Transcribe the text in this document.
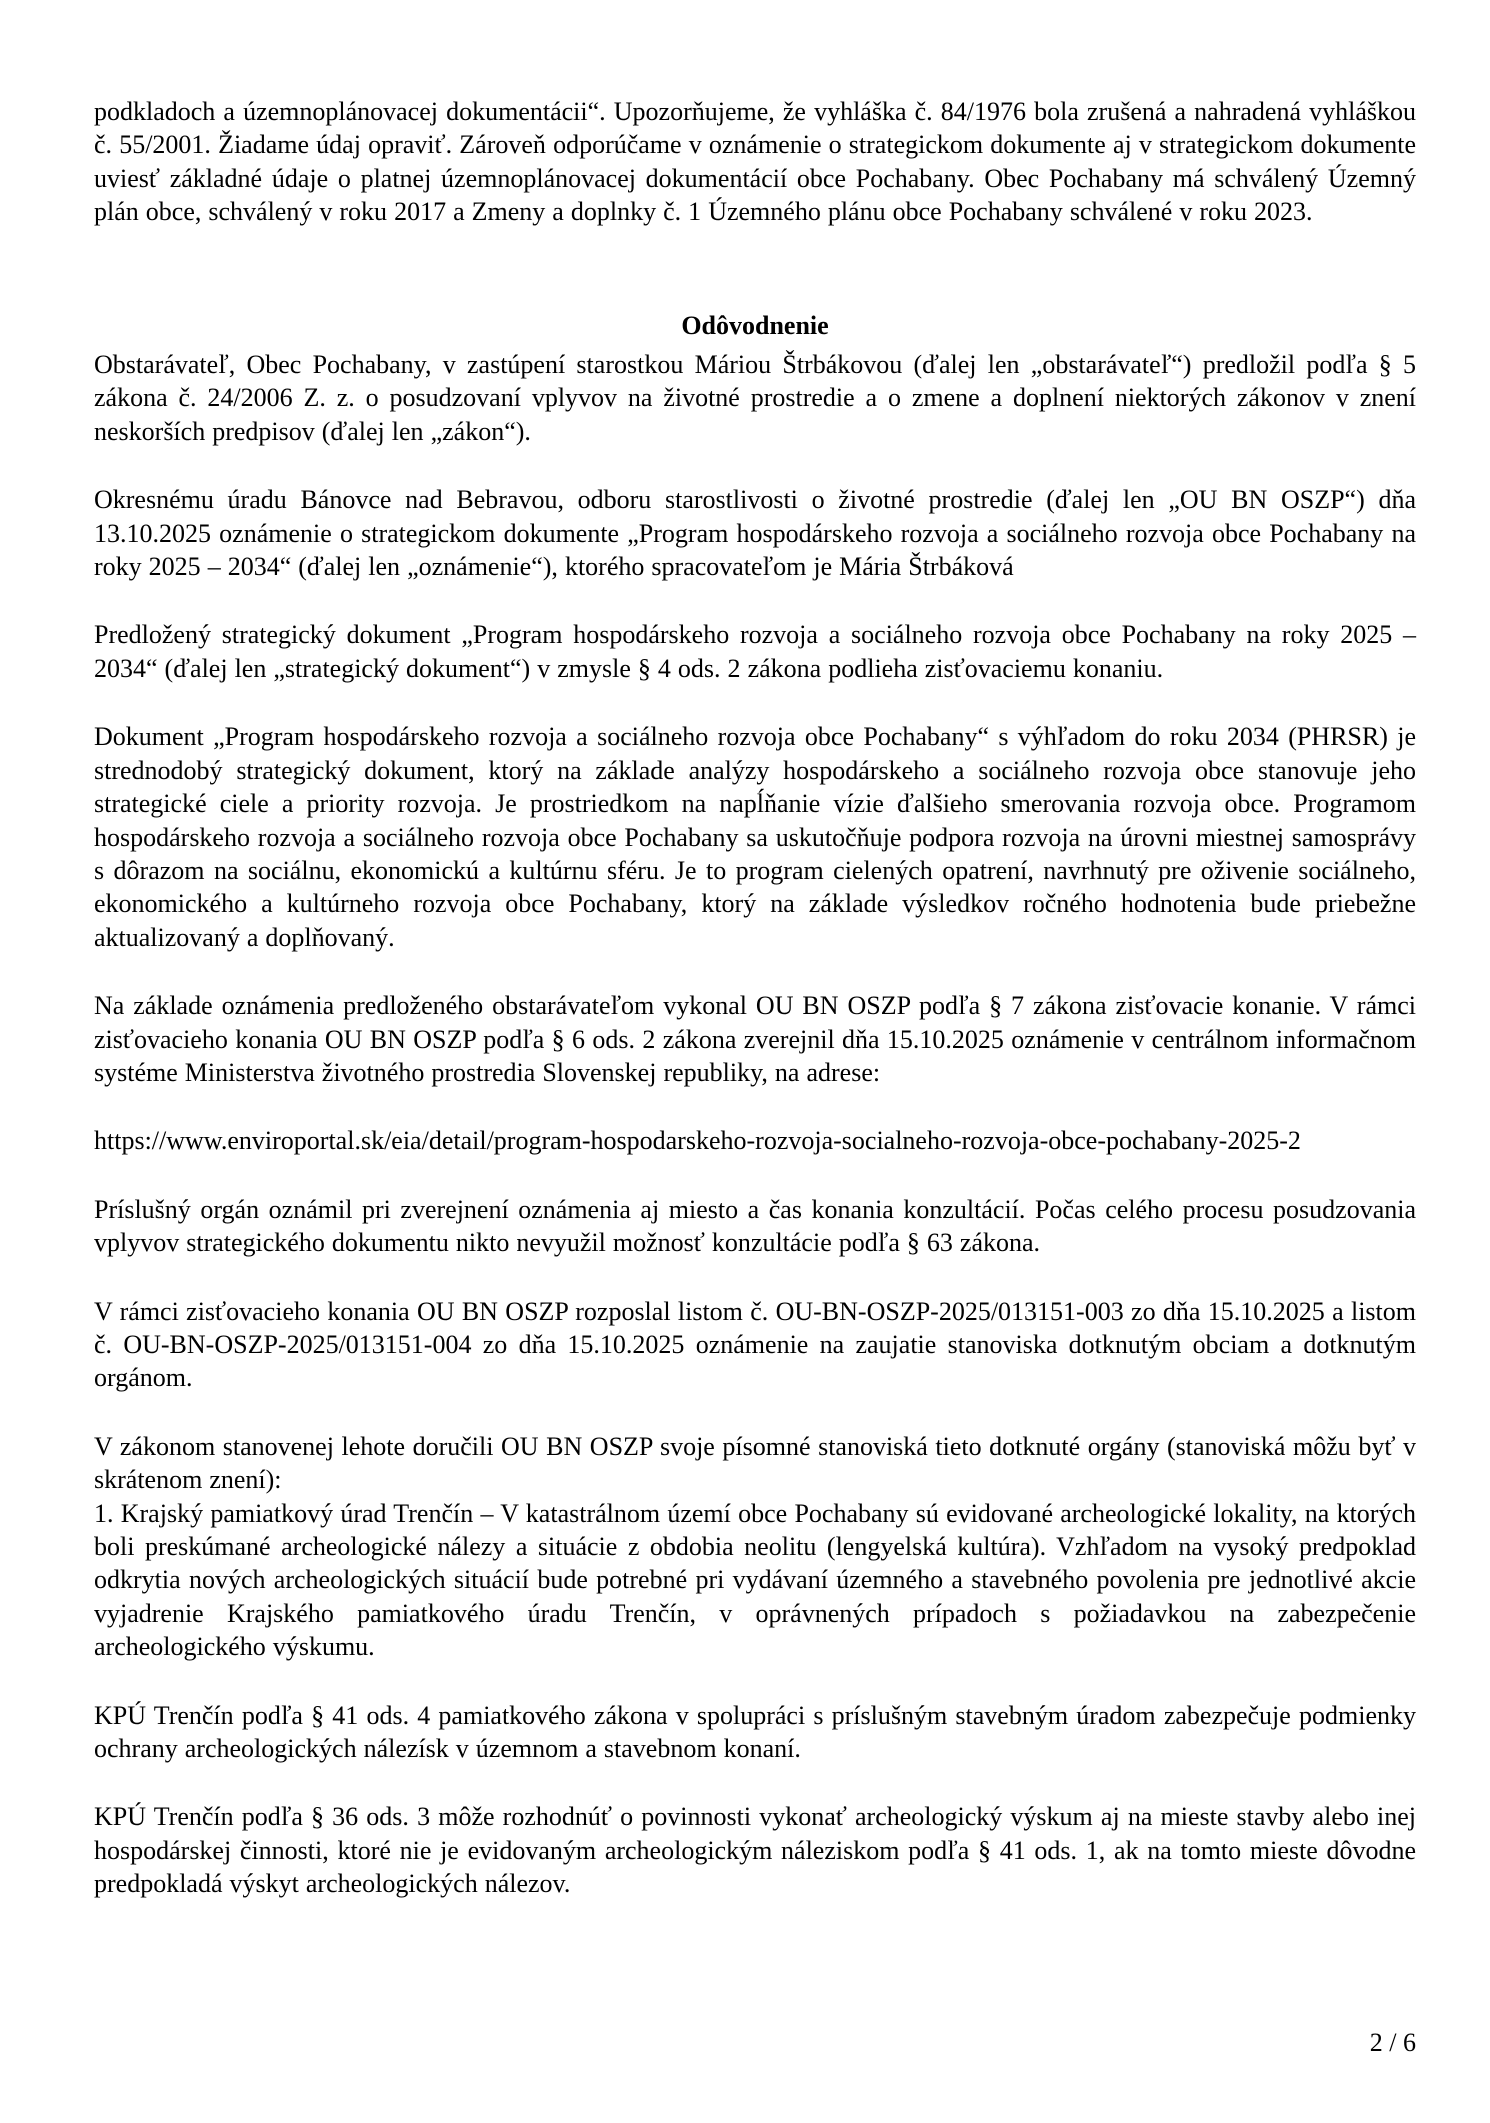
podkladoch a územnoplánovacej dokumentácii“. Upozorňujeme, že vyhláška č. 84/1976 bola zrušená a nahradená vyhláškou č. 55/2001. Žiadame údaj opraviť. Zároveň odporúčame v oznámenie o strategickom dokumente aj v strategickom dokumente uviesť základné údaje o platnej územnoplánovacej dokumentácií obce Pochabany. Obec Pochabany má schválený Územný plán obce, schválený v roku 2017 a Zmeny a doplnky č. 1 Územného plánu obce Pochabany schválené v roku 2023.

Odôvodnenie

Obstarávateľ, Obec Pochabany, v zastúpení starostkou Máriou Štrbákovou (ďalej len „obstarávateľ“) predložil podľa § 5 zákona č. 24/2006 Z. z. o posudzovaní vplyvov na životné prostredie a o zmene a doplnení niektorých zákonov v znení neskorších predpisov (ďalej len „zákon“).

Okresnému úradu Bánovce nad Bebravou, odboru starostlivosti o životné prostredie (ďalej len „OU BN OSZP“) dňa 13.10.2025 oznámenie o strategickom dokumente „Program hospodárskeho rozvoja a sociálneho rozvoja obce Pochabany na roky 2025 – 2034“ (ďalej len „oznámenie“), ktorého spracovateľom je Mária Štrbáková

Predložený strategický dokument „Program hospodárskeho rozvoja a sociálneho rozvoja obce Pochabany na roky 2025 – 2034“ (ďalej len „strategický dokument“) v zmysle § 4 ods. 2 zákona podlieha zisťovaciemu konaniu.

Dokument „Program hospodárskeho rozvoja a sociálneho rozvoja obce Pochabany“ s výhľadom do roku 2034 (PHRSR) je strednodobý strategický dokument, ktorý na základe analýzy hospodárskeho a sociálneho rozvoja obce stanovuje jeho strategické ciele a priority rozvoja. Je prostriedkom na napĺňanie vízie ďalšieho smerovania rozvoja obce. Programom hospodárskeho rozvoja a sociálneho rozvoja obce Pochabany sa uskutočňuje podpora rozvoja na úrovni miestnej samosprávy s dôrazom na sociálnu, ekonomickú a kultúrnu sféru. Je to program cielených opatrení, navrhnutý pre oživenie sociálneho, ekonomického a kultúrneho rozvoja obce Pochabany, ktorý na základe výsledkov ročného hodnotenia bude priebežne aktualizovaný a doplňovaný.

Na základe oznámenia predloženého obstarávateľom vykonal OU BN OSZP podľa § 7 zákona zisťovacie konanie. V rámci zisťovacieho konania OU BN OSZP podľa § 6 ods. 2 zákona zverejnil dňa 15.10.2025 oznámenie v centrálnom informačnom systéme Ministerstva životného prostredia Slovenskej republiky, na adrese:

https://www.enviroportal.sk/eia/detail/program-hospodarskeho-rozvoja-socialneho-rozvoja-obce-pochabany-2025-2

Príslušný orgán oznámil pri zverejnení oznámenia aj miesto a čas konania konzultácií. Počas celého procesu posudzovania vplyvov strategického dokumentu nikto nevyužil možnosť konzultácie podľa § 63 zákona.

V rámci zisťovacieho konania OU BN OSZP rozposlal listom č. OU-BN-OSZP-2025/013151-003 zo dňa 15.10.2025 a listom č. OU-BN-OSZP-2025/013151-004 zo dňa 15.10.2025 oznámenie na zaujatie stanoviska dotknutým obciam a dotknutým orgánom.

V zákonom stanovenej lehote doručili OU BN OSZP svoje písomné stanoviská tieto dotknuté orgány (stanoviská môžu byť v skrátenom znení):

1. Krajský pamiatkový úrad Trenčín – V katastrálnom území obce Pochabany sú evidované archeologické lokality, na ktorých boli preskúmané archeologické nálezy a situácie z obdobia neolitu (lengyelská kultúra). Vzhľadom na vysoký predpoklad odkrytia nových archeologických situácií bude potrebné pri vydávaní územného a stavebného povolenia pre jednotlivé akcie vyjadrenie Krajského pamiatkového úradu Trenčín, v oprávnených prípadoch s požiadavkou na zabezpečenie archeologického výskumu.

KPÚ Trenčín podľa § 41 ods. 4 pamiatkového zákona v spolupráci s príslušným stavebným úradom zabezpečuje podmienky ochrany archeologických nálezísk v územnom a stavebnom konaní.

KPÚ Trenčín podľa § 36 ods. 3 môže rozhodnúť o povinnosti vykonať archeologický výskum aj na mieste stavby alebo inej hospodárskej činnosti, ktoré nie je evidovaným archeologickým náleziskom podľa § 41 ods. 1, ak na tomto mieste dôvodne predpokladá výskyt archeologických nálezov.

2 / 6
